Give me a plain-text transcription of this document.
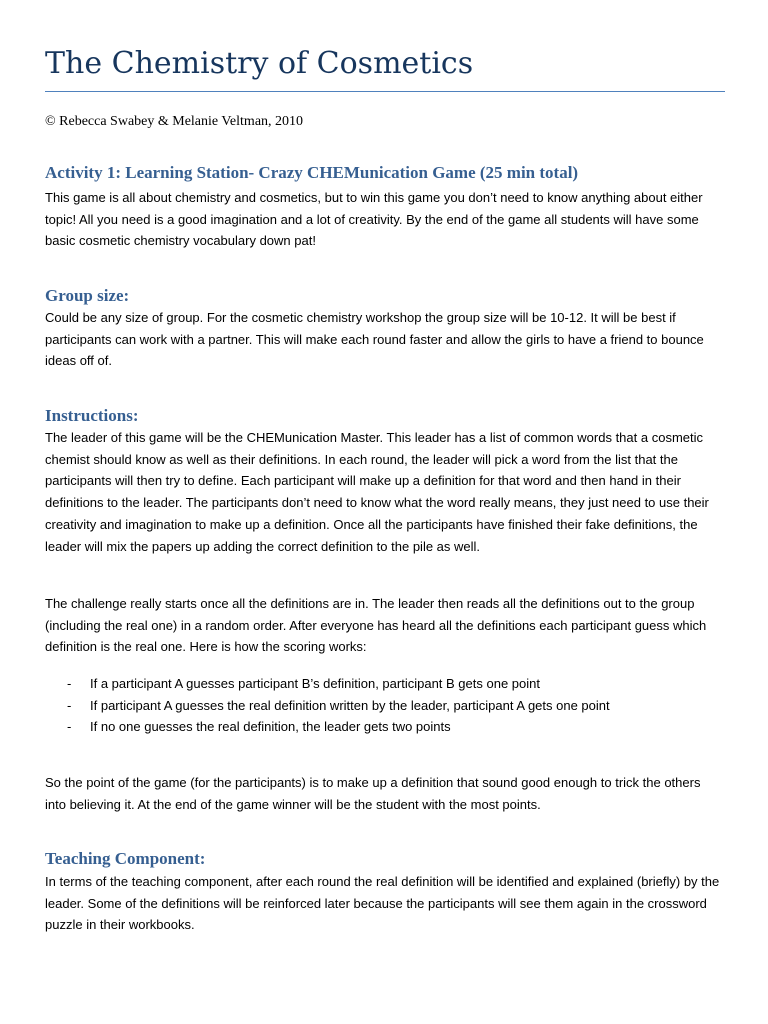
The Chemistry of Cosmetics
© Rebecca Swabey & Melanie Veltman, 2010
Activity 1: Learning Station- Crazy CHEMunication Game (25 min total)

This game is all about chemistry and cosmetics, but to win this game you don’t need to know anything about either topic! All you need is a good imagination and a lot of creativity. By the end of the game all students will have some basic cosmetic chemistry vocabulary down pat!

Group size:

Could be any size of group. For the cosmetic chemistry workshop the group size will be 10-12. It will be best if participants can work with a partner. This will make each round faster and allow the girls to have a friend to bounce ideas off of.

Instructions:

The leader of this game will be the CHEMunication Master. This leader has a list of common words that a cosmetic chemist should know as well as their definitions. In each round, the leader will pick a word from the list that the participants will then try to define. Each participant will make up a definition for that word and then hand in their definitions to the leader. The participants don’t need to know what the word really means, they just need to use their creativity and imagination to make up a definition. Once all the participants have finished their fake definitions, the leader will mix the papers up adding the correct definition to the pile as well.

The challenge really starts once all the definitions are in. The leader then reads all the definitions out to the group (including the real one) in a random order. After everyone has heard all the definitions each participant guess which definition is the real one. Here is how the scoring works:

- If a participant A guesses participant B’s definition, participant B gets one point
- If participant A guesses the real definition written by the leader, participant A gets one point
- If no one guesses the real definition, the leader gets two points

So the point of the game (for the participants) is to make up a definition that sound good enough to trick the others into believing it. At the end of the game winner will be the student with the most points.

Teaching Component:

In terms of the teaching component, after each round the real definition will be identified and explained (briefly) by the leader. Some of the definitions will be reinforced later because the participants will see them again in the crossword puzzle in their workbooks.
